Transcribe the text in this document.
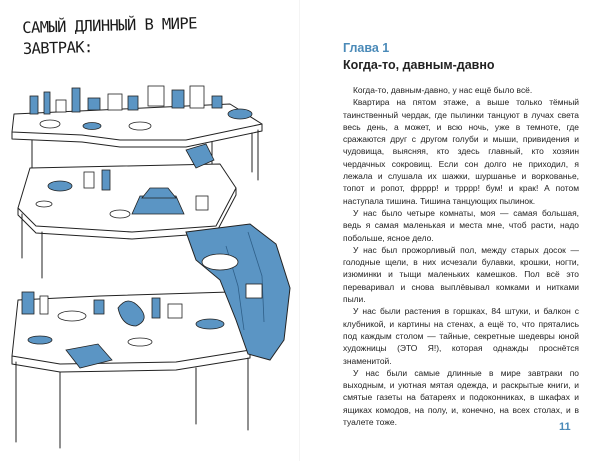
САМЫЙ ДЛИННЫЙ В МИРЕ
ЗАВТРАК:	Глава 1
Когда-то, давным-давно

Когда-то, давным-давно, у нас ещё было всё.

Квартира на пятом этаже, а выше только тёмный таинственный чердак, где пылинки танцуют в лучах света весь день, а может, и всю ночь, уже в темноте, где сражаются друг с другом голуби и мыши, привидения и чудовища, выясняя, кто здесь главный, кто хозяин чердачных сокровищ. Если сон долго не приходил, я лежала и слушала их шажки, шуршанье и воркованье, топот и ропот, фрррр! и трррр! бум! и крак! А потом наступала тишина. Тишина танцующих пылинок.

У нас было четыре комнаты, моя — самая большая, ведь я самая маленькая и места мне, чтоб расти, надо побольше, ясное дело.

У нас был прожорливый пол, между старых досок — голодные щели, в них исчезали булавки, крошки, ногти, изюминки и тыщи маленьких камешков. Пол всё это переваривал и снова выплёвывал комками и нитками пыли.

У нас были растения в горшках, 84 штуки, и балкон с клубникой, и картины на стенах, а ещё то, что прятались под каждым столом — тайные, секретные шедевры юной художницы (ЭТО Я!), которая однажды проснётся знаменитой.

У нас были самые длинные в мире завтраки по выходным, и уютная мятая одежда, и раскрытые книги, и смятые газеты на батареях и подоконниках, в шкафах и ящиках комодов, на полу, и, конечно, на всех столах, и в туалете тоже.	11
